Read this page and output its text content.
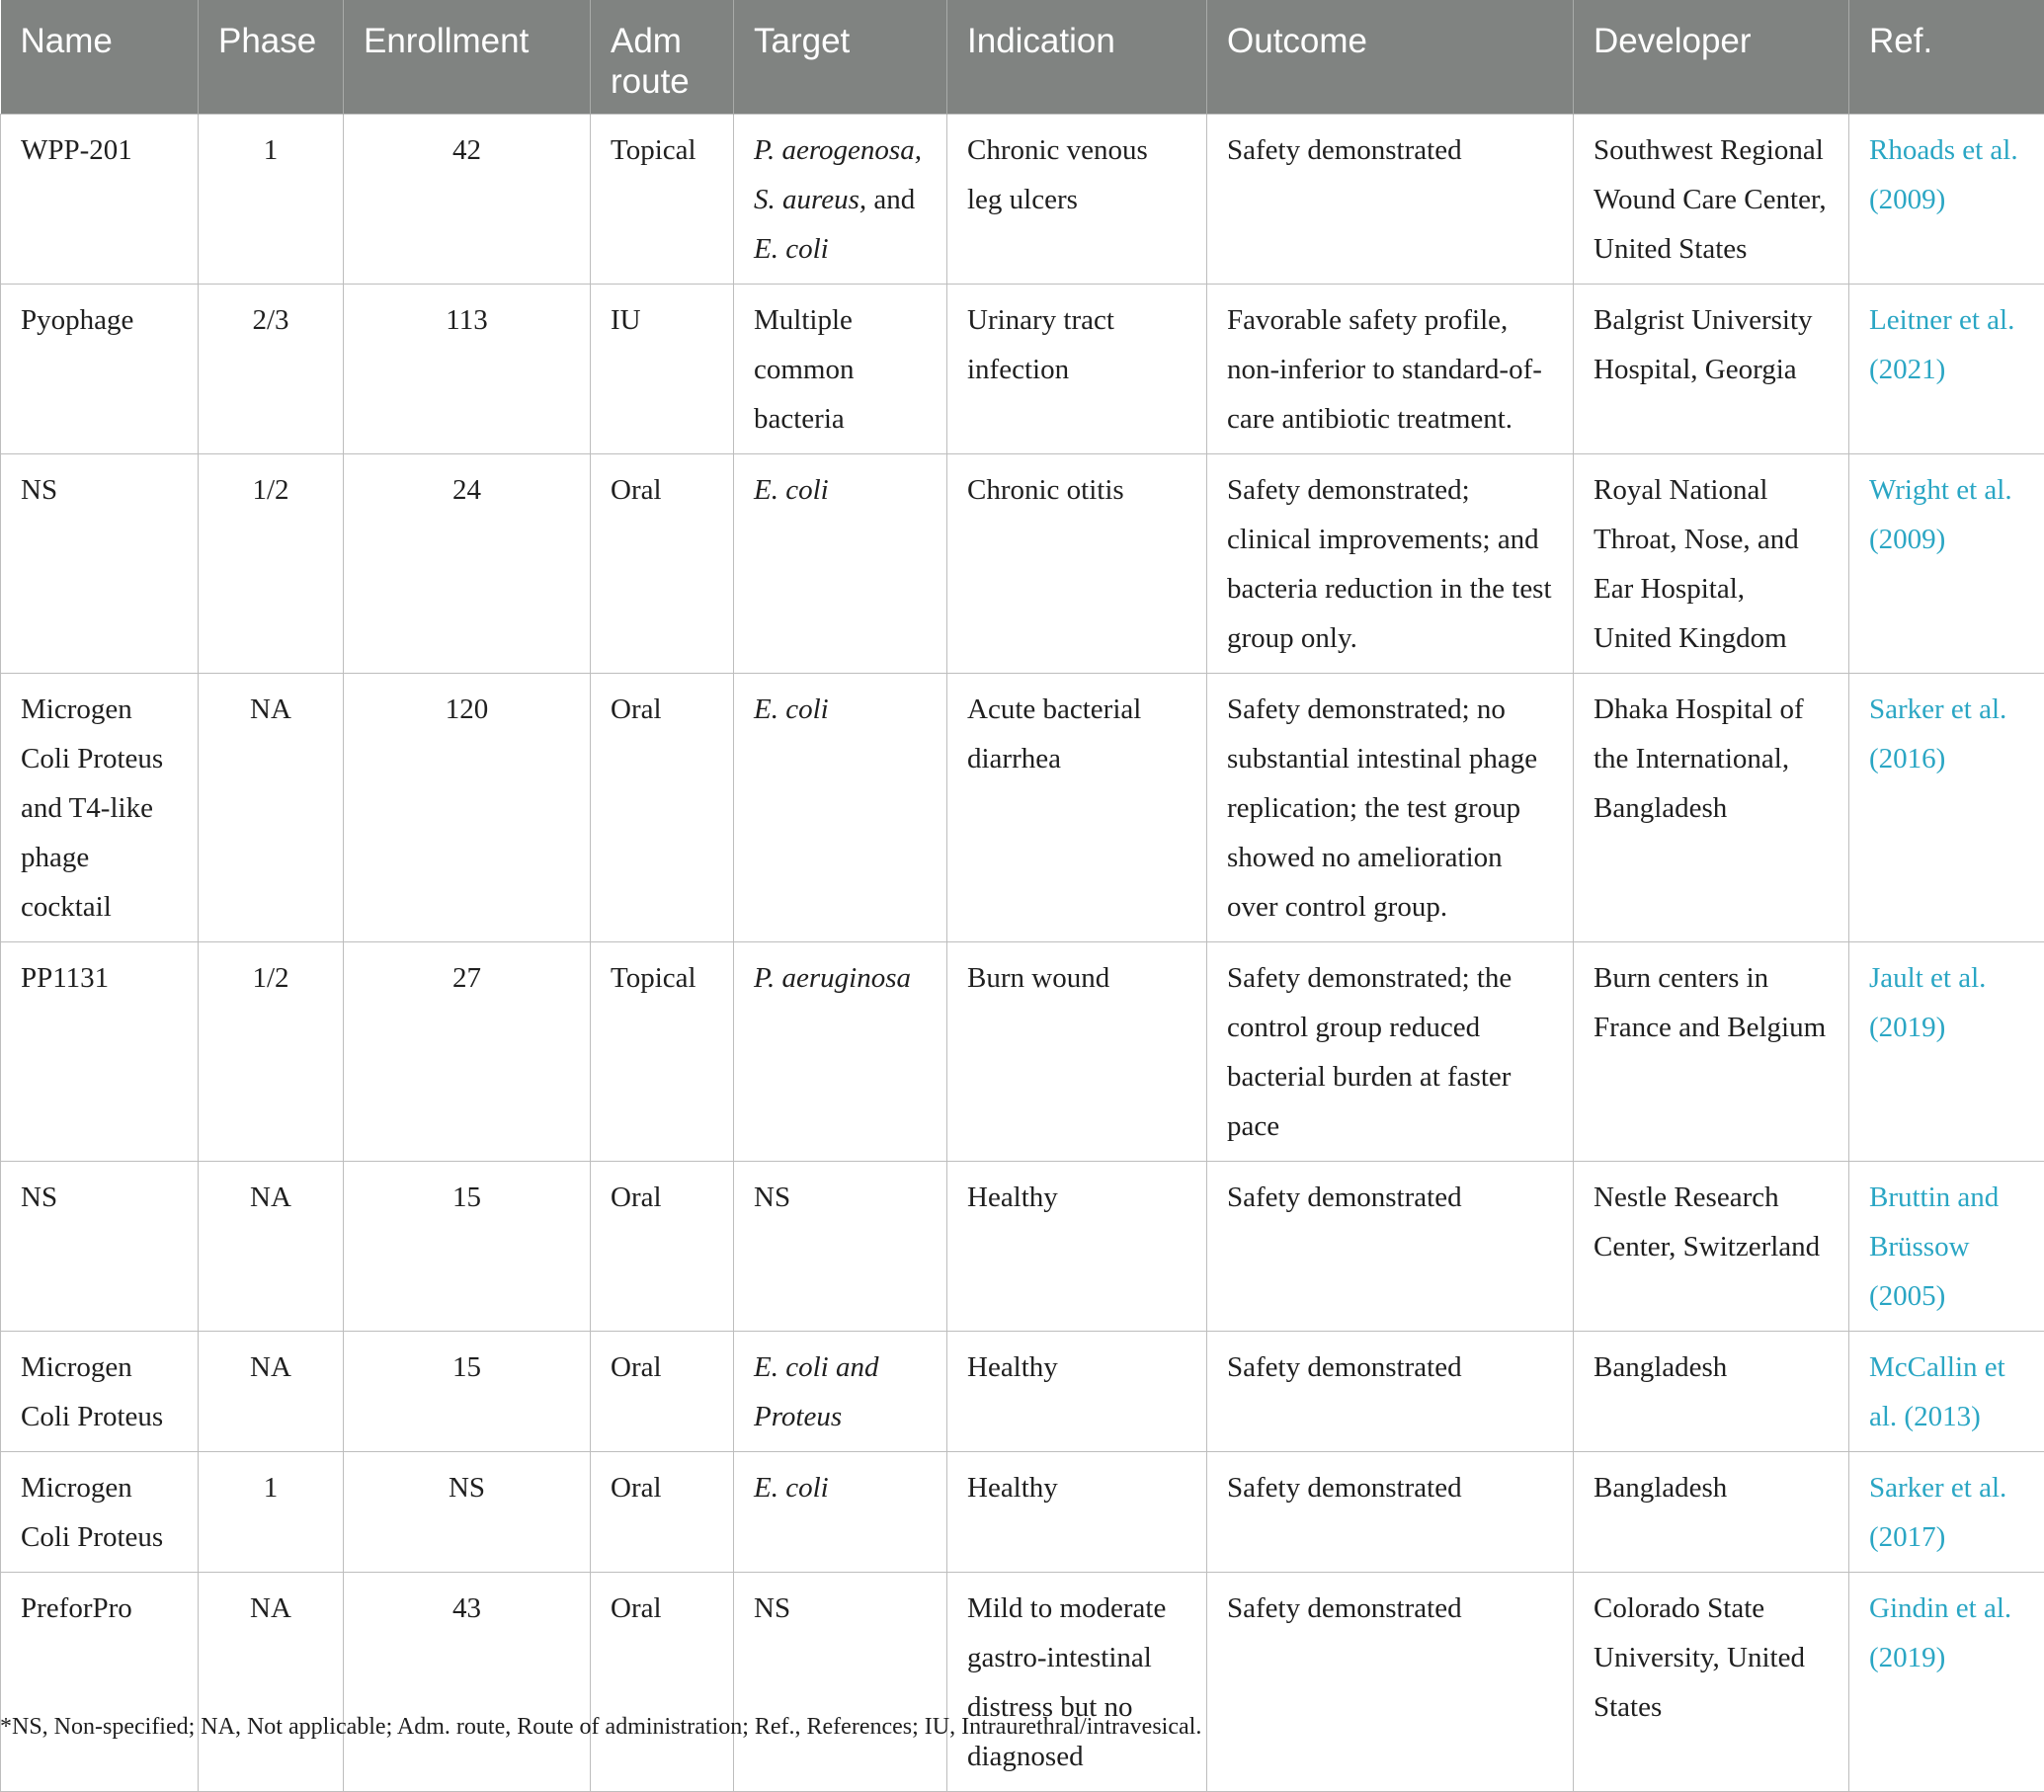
Name	Phase	Enrollment	Adm route	Target	Indication	Outcome	Developer	Ref.
WPP-201	1	42	Topical	P. aerogenosa, S. aureus, and E. coli	Chronic venous leg ulcers	Safety demonstrated	Southwest Regional Wound Care Center, United States	Rhoads et al. (2009)
Pyophage	2/3	113	IU	Multiple common bacteria	Urinary tract infection	Favorable safety profile, non-inferior to standard-of-care antibiotic treatment.	Balgrist University Hospital, Georgia	Leitner et al. (2021)
NS	1/2	24	Oral	E. coli	Chronic otitis	Safety demonstrated; clinical improvements; and bacteria reduction in the test group only.	Royal National Throat, Nose, and Ear Hospital, United Kingdom	Wright et al. (2009)
Microgen Coli Proteus and T4-like phage cocktail	NA	120	Oral	E. coli	Acute bacterial diarrhea	Safety demonstrated; no substantial intestinal phage replication; the test group showed no amelioration over control group.	Dhaka Hospital of the International, Bangladesh	Sarker et al. (2016)
PP1131	1/2	27	Topical	P. aeruginosa	Burn wound	Safety demonstrated; the control group reduced bacterial burden at faster pace	Burn centers in France and Belgium	Jault et al. (2019)
NS	NA	15	Oral	NS	Healthy	Safety demonstrated	Nestle Research Center, Switzerland	Bruttin and Brüssow (2005)
Microgen Coli Proteus	NA	15	Oral	E. coli and Proteus	Healthy	Safety demonstrated	Bangladesh	McCallin et al. (2013)
Microgen Coli Proteus	1	NS	Oral	E. coli	Healthy	Safety demonstrated	Bangladesh	Sarker et al. (2017)
PreforPro	NA	43	Oral	NS	Mild to moderate gastro-intestinal distress but no diagnosed	Safety demonstrated	Colorado State University, United States	Gindin et al. (2019)
*NS, Non-specified; NA, Not applicable; Adm. route, Route of administration; Ref., References; IU, Intraurethral/intravesical.
